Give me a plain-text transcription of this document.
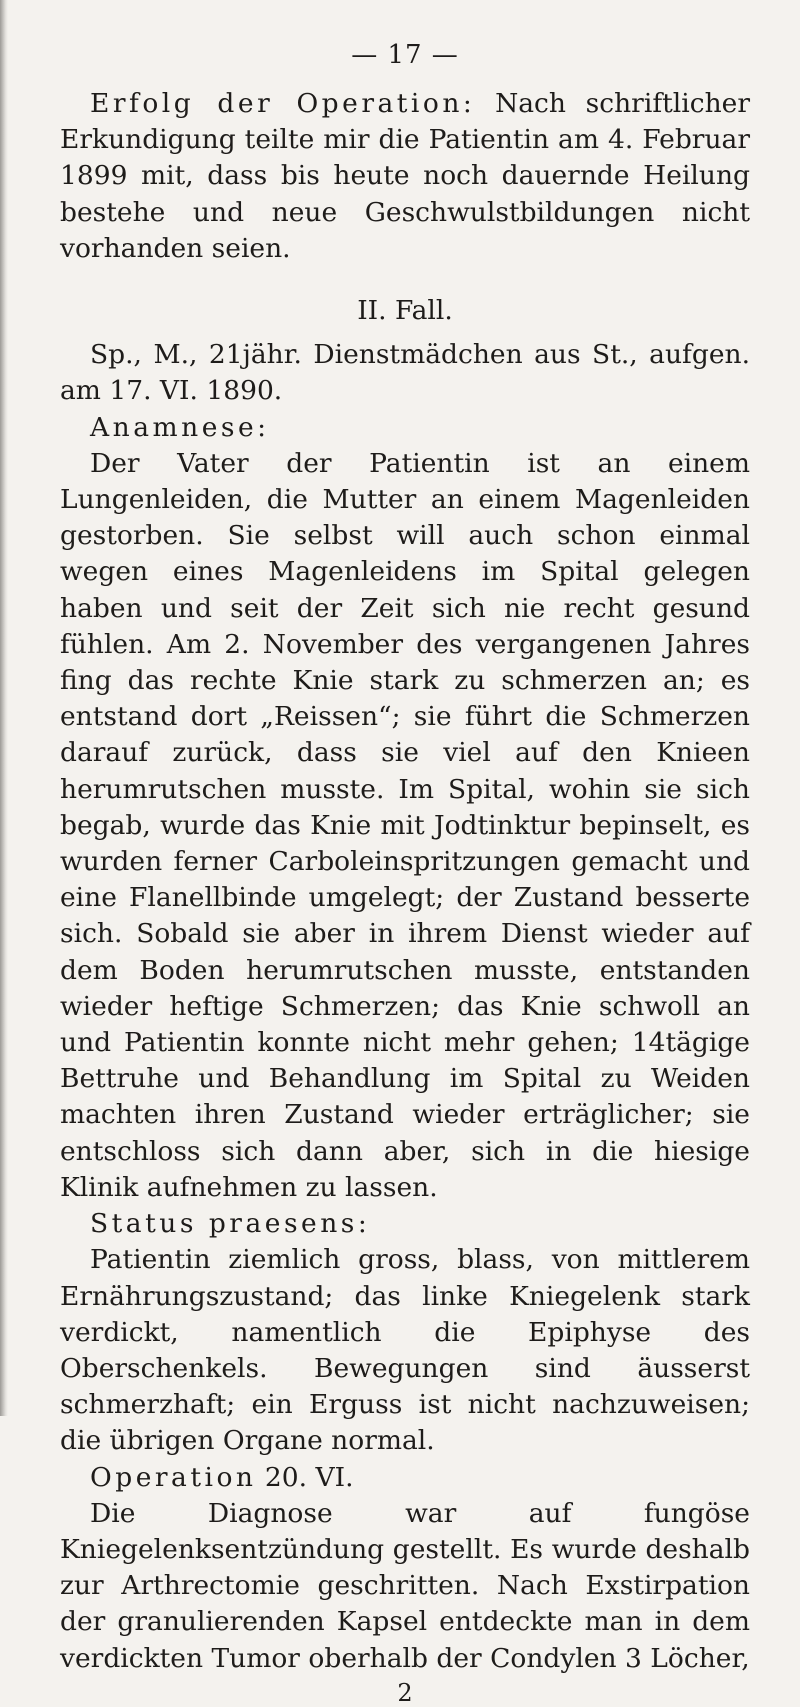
— 17 —

Erfolg der Operation: Nach schriftlicher Erkundigung teilte mir die Patientin am 4. Februar 1899 mit, dass bis heute noch dauernde Heilung bestehe und neue Geschwulstbildungen nicht vorhanden seien.

II. Fall.

Sp., M., 21jähr. Dienstmädchen aus St., aufgen. am 17. VI. 1890.

Anamnese:

Der Vater der Patientin ist an einem Lungenleiden, die Mutter an einem Magenleiden gestorben. Sie selbst will auch schon einmal wegen eines Magenleidens im Spital gelegen haben und seit der Zeit sich nie recht gesund fühlen. Am 2. November des vergangenen Jahres fing das rechte Knie stark zu schmerzen an; es entstand dort „Reissen“; sie führt die Schmerzen darauf zurück, dass sie viel auf den Knieen herumrutschen musste. Im Spital, wohin sie sich begab, wurde das Knie mit Jodtinktur bepinselt, es wurden ferner Carboleinspritzungen gemacht und eine Flanellbinde umgelegt; der Zustand besserte sich. Sobald sie aber in ihrem Dienst wieder auf dem Boden herumrutschen musste, entstanden wieder heftige Schmerzen; das Knie schwoll an und Patientin konnte nicht mehr gehen; 14tägige Bettruhe und Behandlung im Spital zu Weiden machten ihren Zustand wieder erträglicher; sie entschloss sich dann aber, sich in die hiesige Klinik aufnehmen zu lassen.

Status praesens:

Patientin ziemlich gross, blass, von mittlerem Ernährungszustand; das linke Kniegelenk stark verdickt, namentlich die Epiphyse des Oberschenkels. Bewegungen sind äusserst schmerzhaft; ein Erguss ist nicht nachzuweisen; die übrigen Organe normal.

Operation 20. VI.

Die Diagnose war auf fungöse Kniegelenksentzündung gestellt. Es wurde deshalb zur Arthrectomie geschritten. Nach Exstirpation der granulierenden Kapsel entdeckte man in dem verdickten Tumor oberhalb der Condylen 3 Löcher,

2
